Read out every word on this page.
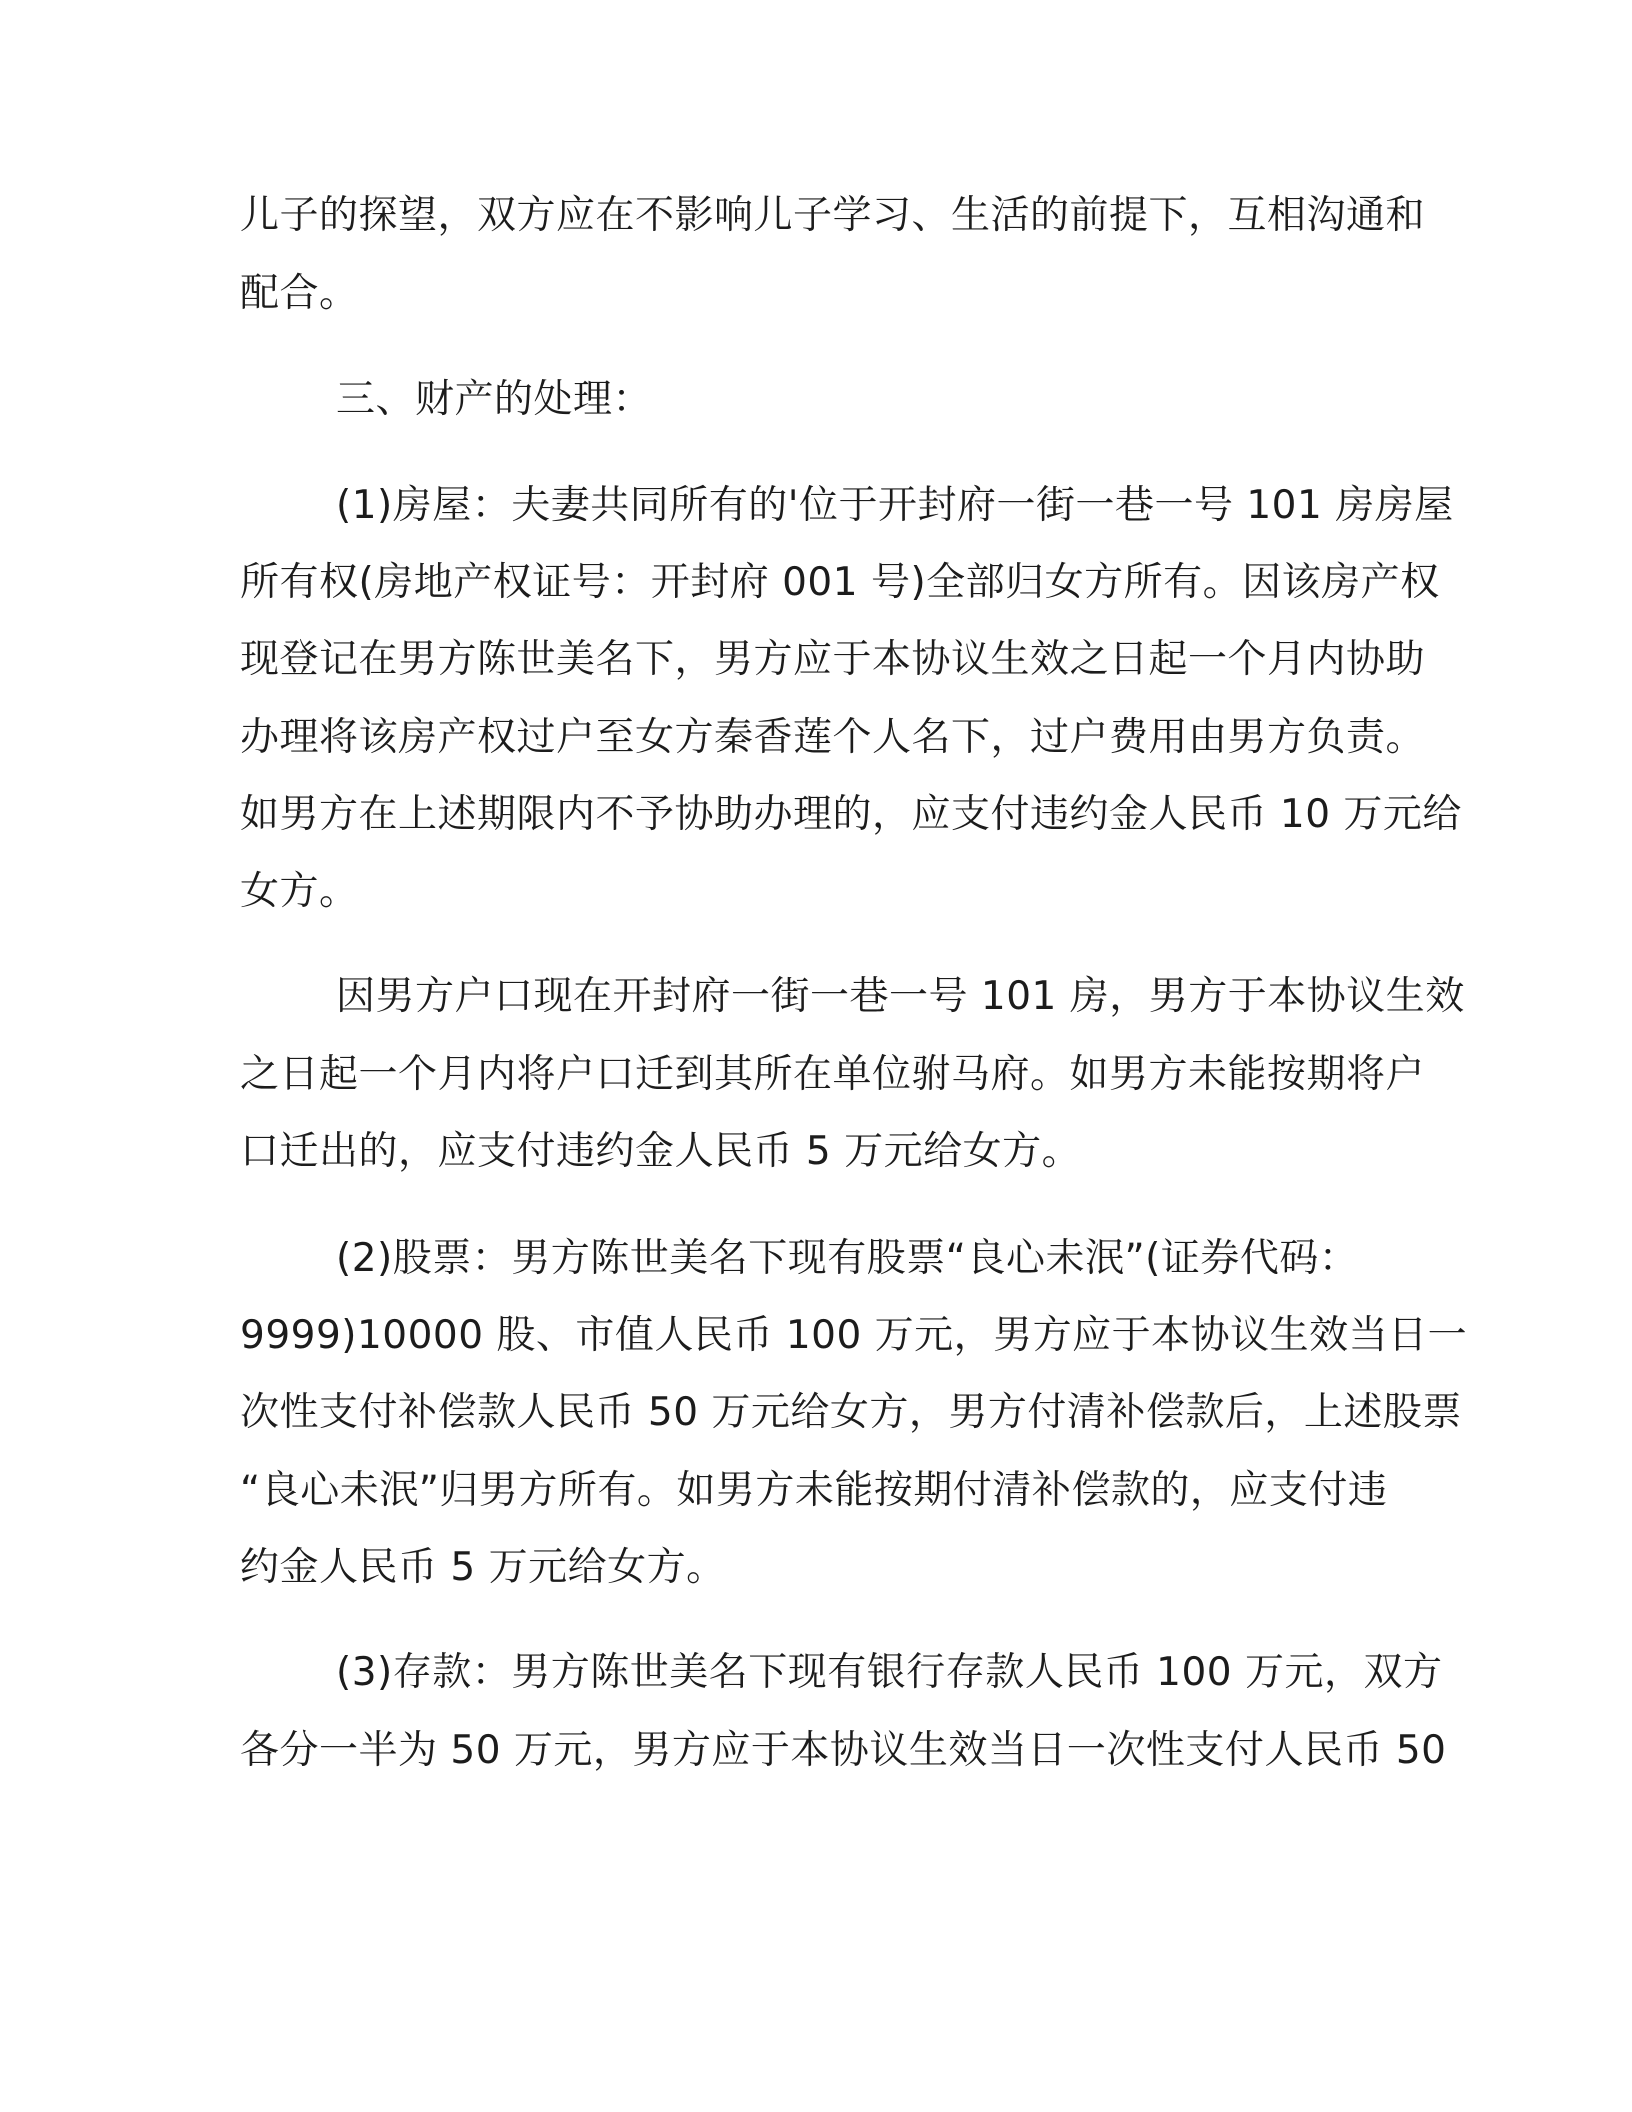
儿子的探望，双方应在不影响儿子学习、生活的前提下，互相沟通和
配合。
三、财产的处理：
(1)房屋：夫妻共同所有的'位于开封府一街一巷一号 101 房房屋
所有权(房地产权证号：开封府 001 号)全部归女方所有。因该房产权
现登记在男方陈世美名下，男方应于本协议生效之日起一个月内协助
办理将该房产权过户至女方秦香莲个人名下，过户费用由男方负责。
如男方在上述期限内不予协助办理的，应支付违约金人民币 10 万元给
女方。
因男方户口现在开封府一街一巷一号 101 房，男方于本协议生效
之日起一个月内将户口迁到其所在单位驸马府。如男方未能按期将户
口迁出的，应支付违约金人民币 5 万元给女方。
(2)股票：男方陈世美名下现有股票“良心未泯”(证券代码：
9999)10000 股、市值人民币 100 万元，男方应于本协议生效当日一
次性支付补偿款人民币 50 万元给女方，男方付清补偿款后，上述股票
“良心未泯”归男方所有。如男方未能按期付清补偿款的，应支付违
约金人民币 5 万元给女方。
(3)存款：男方陈世美名下现有银行存款人民币 100 万元，双方
各分一半为 50 万元，男方应于本协议生效当日一次性支付人民币 50
